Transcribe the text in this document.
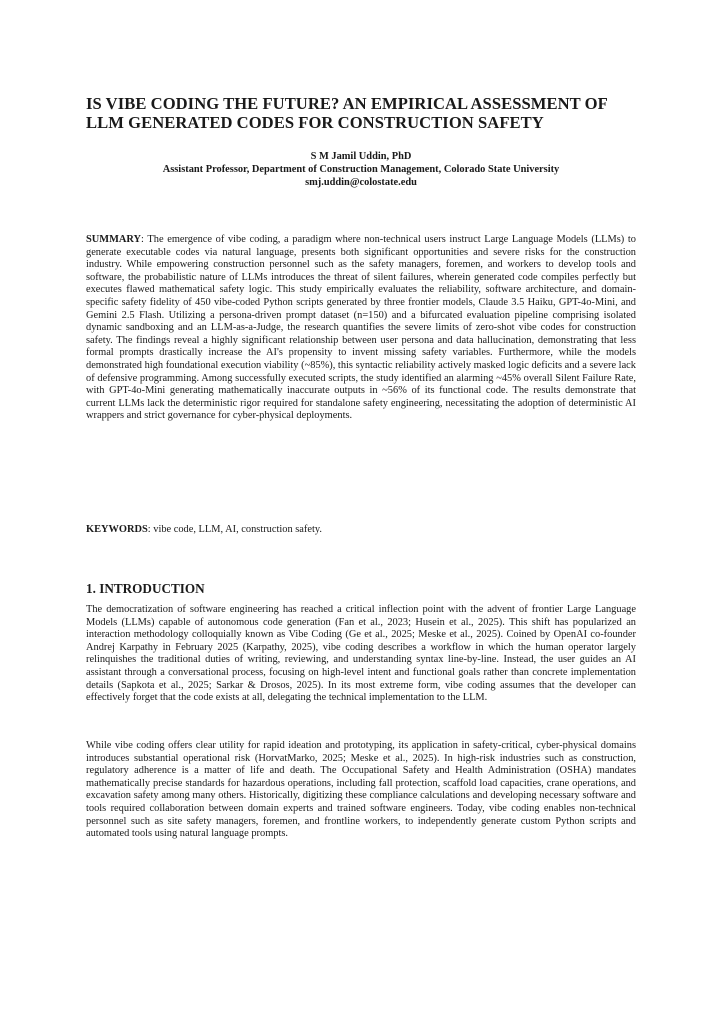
IS VIBE CODING THE FUTURE? AN EMPIRICAL ASSESSMENT OF
LLM GENERATED CODES FOR CONSTRUCTION SAFETY
S M Jamil Uddin, PhD
Assistant Professor, Department of Construction Management, Colorado State University
smj.uddin@colostate.edu

SUMMARY: The emergence of vibe coding, a paradigm where non-technical users instruct Large Language Models (LLMs) to generate executable codes via natural language, presents both significant opportunities and severe risks for the construction industry. While empowering construction personnel such as the safety managers, foremen, and workers to develop tools and software, the probabilistic nature of LLMs introduces the threat of silent failures, wherein generated code compiles perfectly but executes flawed mathematical safety logic. This study empirically evaluates the reliability, software architecture, and domain-specific safety fidelity of 450 vibe-coded Python scripts generated by three frontier models, Claude 3.5 Haiku, GPT-4o-Mini, and Gemini 2.5 Flash. Utilizing a persona-driven prompt dataset (n=150) and a bifurcated evaluation pipeline comprising isolated dynamic sandboxing and an LLM-as-a-Judge, the research quantifies the severe limits of zero-shot vibe codes for construction safety. The findings reveal a highly significant relationship between user persona and data hallucination, demonstrating that less formal prompts drastically increase the AI's propensity to invent missing safety variables. Furthermore, while the models demonstrated high foundational execution viability (~85%), this syntactic reliability actively masked logic deficits and a severe lack of defensive programming. Among successfully executed scripts, the study identified an alarming ~45% overall Silent Failure Rate, with GPT-4o-Mini generating mathematically inaccurate outputs in ~56% of its functional code. The results demonstrate that current LLMs lack the deterministic rigor required for standalone safety engineering, necessitating the adoption of deterministic AI wrappers and strict governance for cyber-physical deployments.

KEYWORDS: vibe code, LLM, AI, construction safety.

1. INTRODUCTION

The democratization of software engineering has reached a critical inflection point with the advent of frontier Large Language Models (LLMs) capable of autonomous code generation (Fan et al., 2023; Husein et al., 2025). This shift has popularized an interaction methodology colloquially known as Vibe Coding (Ge et al., 2025; Meske et al., 2025). Coined by OpenAI co-founder Andrej Karpathy in February 2025 (Karpathy, 2025), vibe coding describes a workflow in which the human operator largely relinquishes the traditional duties of writing, reviewing, and understanding syntax line-by-line. Instead, the user guides an AI assistant through a conversational process, focusing on high-level intent and functional goals rather than concrete implementation details (Sapkota et al., 2025; Sarkar & Drosos, 2025). In its most extreme form, vibe coding assumes that the developer can effectively forget that the code exists at all, delegating the technical implementation to the LLM.

While vibe coding offers clear utility for rapid ideation and prototyping, its application in safety-critical, cyber-physical domains introduces substantial operational risk (HorvatMarko, 2025; Meske et al., 2025). In high-risk industries such as construction, regulatory adherence is a matter of life and death. The Occupational Safety and Health Administration (OSHA) mandates mathematically precise standards for hazardous operations, including fall protection, scaffold load capacities, crane operations, and excavation safety among many others. Historically, digitizing these compliance calculations and developing necessary software and tools required collaboration between domain experts and trained software engineers. Today, vibe coding enables non-technical personnel such as site safety managers, foremen, and frontline workers, to independently generate custom Python scripts and automated tools using natural language prompts.
